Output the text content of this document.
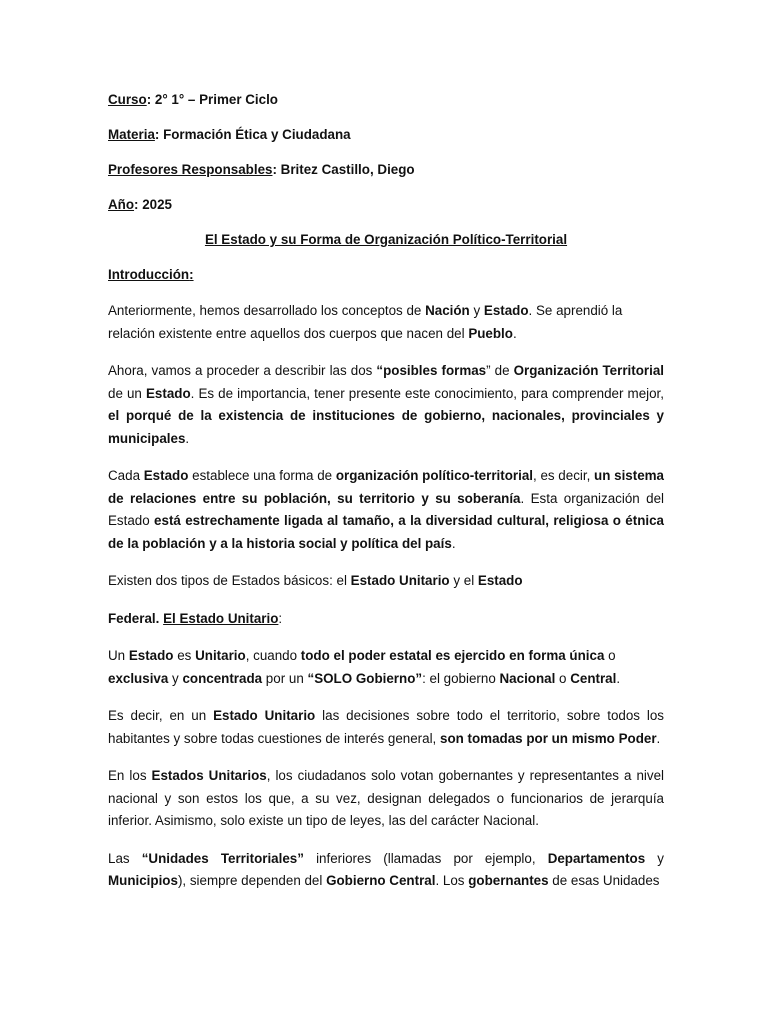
Curso: 2° 1° – Primer Ciclo

Materia: Formación Ética y Ciudadana

Profesores Responsables: Britez Castillo, Diego

Año: 2025

El Estado y su Forma de Organización Político-Territorial

Introducción:

Anteriormente, hemos desarrollado los conceptos de Nación y Estado. Se aprendió la relación existente entre aquellos dos cuerpos que nacen del Pueblo.

Ahora, vamos a proceder a describir las dos “posibles formas” de Organización Territorial de un Estado. Es de importancia, tener presente este conocimiento, para comprender mejor, el porqué de la existencia de instituciones de gobierno, nacionales, provinciales y municipales.

Cada Estado establece una forma de organización político-territorial, es decir, un sistema de relaciones entre su población, su territorio y su soberanía. Esta organización del Estado está estrechamente ligada al tamaño, a la diversidad cultural, religiosa o étnica de la población y a la historia social y política del país.

Existen dos tipos de Estados básicos: el Estado Unitario y el Estado

Federal. El Estado Unitario:

Un Estado es Unitario, cuando todo el poder estatal es ejercido en forma única o exclusiva y concentrada por un “SOLO Gobierno”: el gobierno Nacional o Central.

Es decir, en un Estado Unitario las decisiones sobre todo el territorio, sobre todos los habitantes y sobre todas cuestiones de interés general, son tomadas por un mismo Poder.

En los Estados Unitarios, los ciudadanos solo votan gobernantes y representantes a nivel nacional y son estos los que, a su vez, designan delegados o funcionarios de jerarquía inferior. Asimismo, solo existe un tipo de leyes, las del carácter Nacional.

Las “Unidades Territoriales” inferiores (llamadas por ejemplo, Departamentos y Municipios), siempre dependen del Gobierno Central. Los gobernantes de esas Unidades
